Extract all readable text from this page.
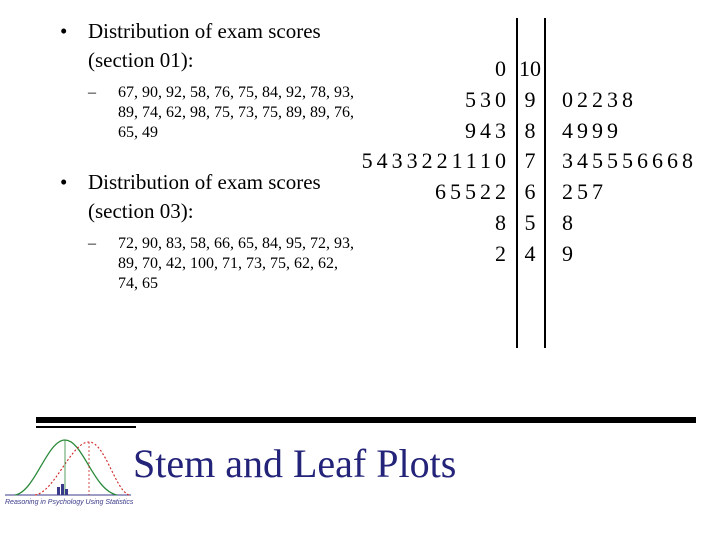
• Distribution of exam scores (section 01):
– 67, 90, 92, 58, 76, 75, 84, 92, 78, 93, 89, 74, 62, 98, 75, 73, 75, 89, 89, 76, 65, 49
• Distribution of exam scores (section 03):
– 72, 90, 83, 58, 66, 65, 84, 95, 72, 93, 89, 70, 42, 100, 71, 73, 75, 62, 62, 74, 65
0 10
530 9	02238
943 8	4999
5433221110 7	345556668
65522 6	257
8 5	8
2 4	9
Reasoning in Psychology Using Statistics
Stem and Leaf Plots
